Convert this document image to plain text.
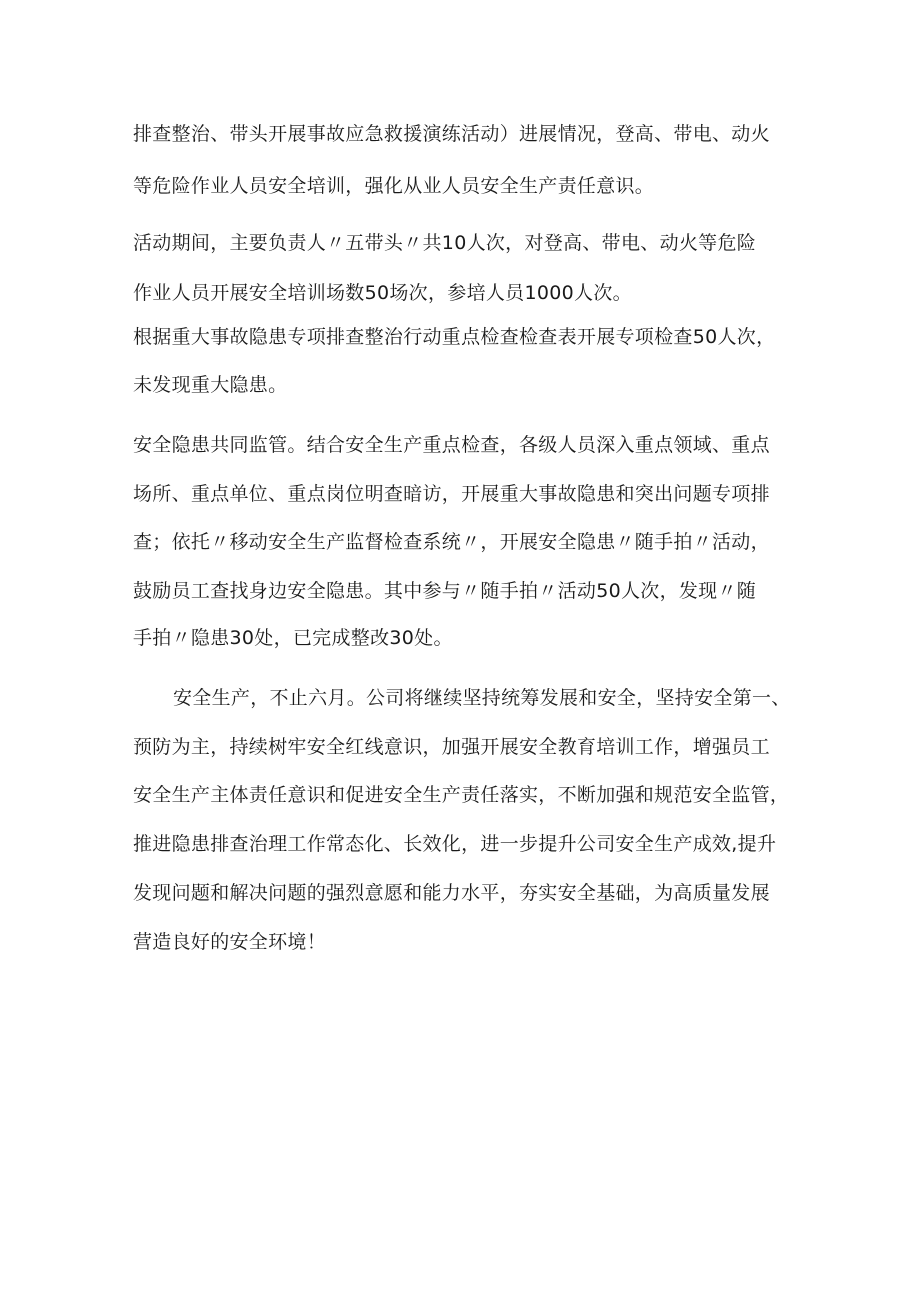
排查整治、带头开展事故应急救援演练活动）进展情况，登高、带电、动火

等危险作业人员安全培训，强化从业人员安全生产责任意识。

活动期间，主要负责人〃五带头〃共10人次，对登高、带电、动火等危险

作业人员开展安全培训场数50场次，参培人员1000人次。

根据重大事故隐患专项排查整治行动重点检查检查表开展专项检查50人次，

未发现重大隐患。

安全隐患共同监管。结合安全生产重点检查，各级人员深入重点领域、重点

场所、重点单位、重点岗位明查暗访，开展重大事故隐患和突出问题专项排

查；依托〃移动安全生产监督检查系统〃，开展安全隐患〃随手拍〃活动，

鼓励员工查找身边安全隐患。其中参与〃随手拍〃活动50人次，发现〃随

手拍〃隐患30处，已完成整改30处。

安全生产，不止六月。公司将继续坚持统筹发展和安全，坚持安全第一、

预防为主，持续树牢安全红线意识，加强开展安全教育培训工作，增强员工

安全生产主体责任意识和促进安全生产责任落实，不断加强和规范安全监管，

推进隐患排查治理工作常态化、长效化，进一步提升公司安全生产成效,提升

发现问题和解决问题的强烈意愿和能力水平，夯实安全基础，为高质量发展

营造良好的安全环境！
